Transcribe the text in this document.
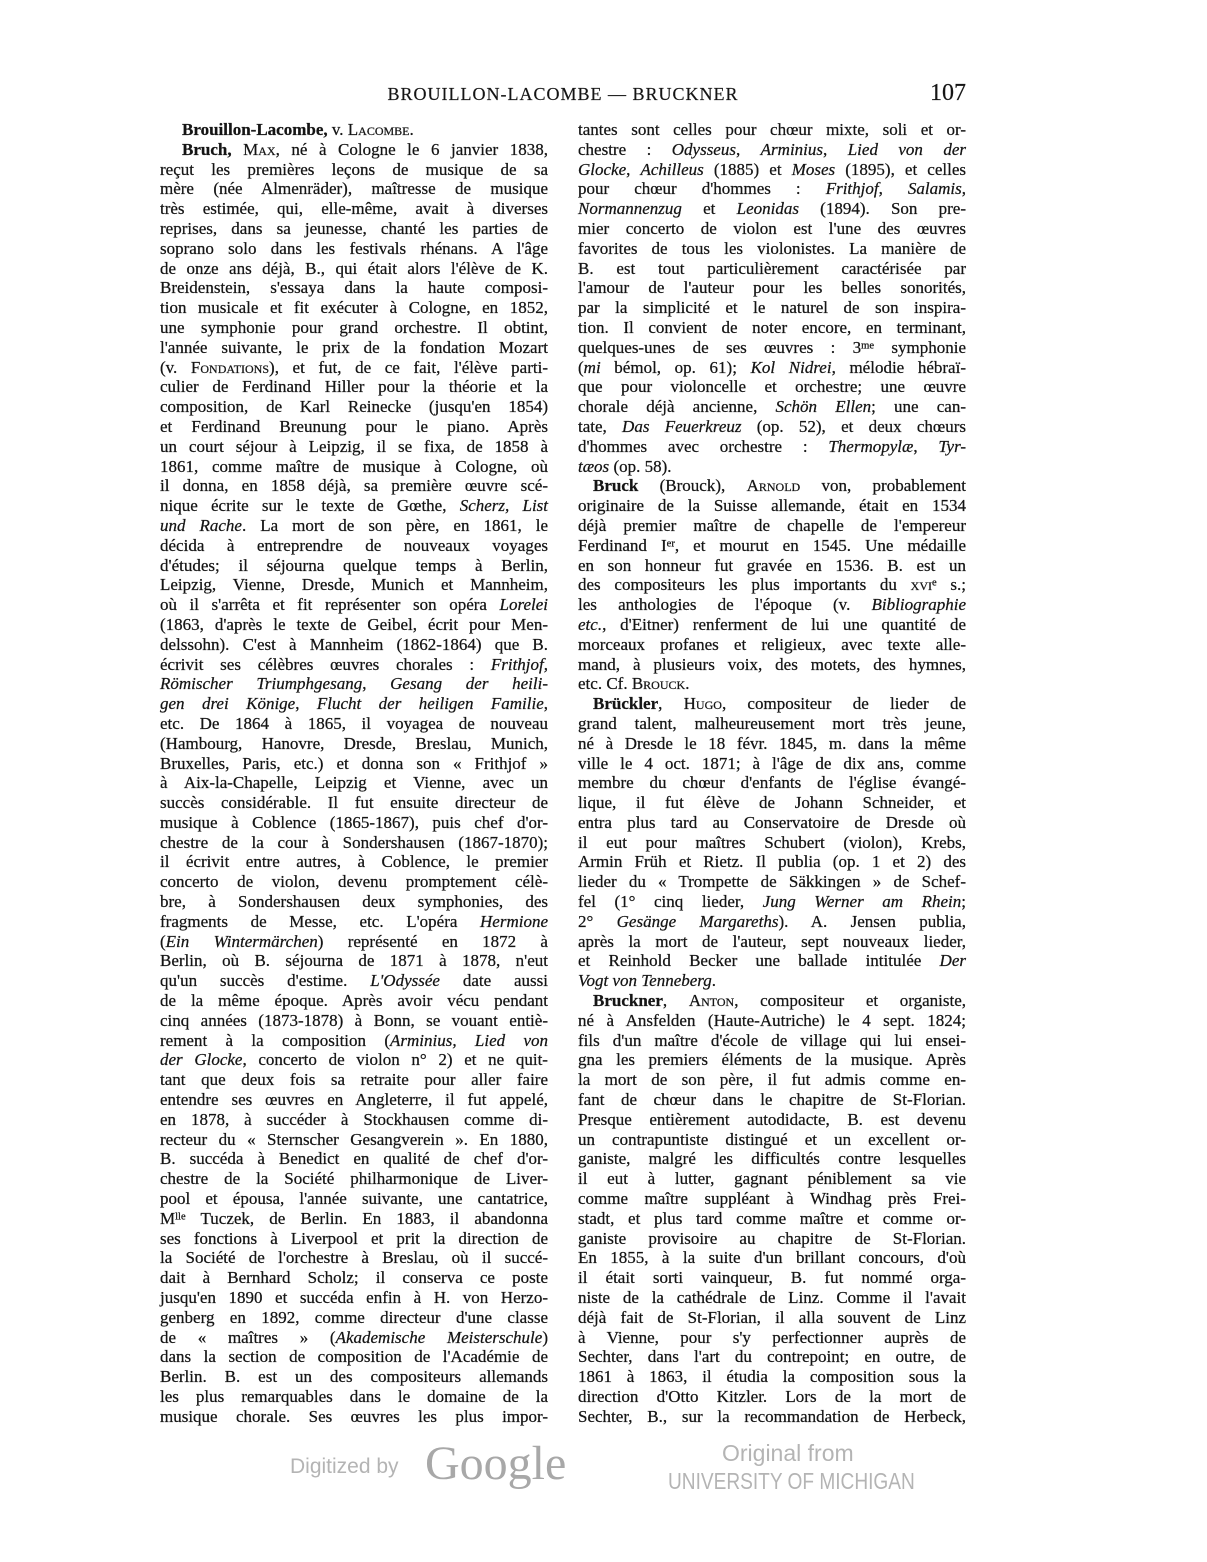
BROUILLON-LACOMBE — BRUCKNER	107
Brouillon-Lacombe, v. Lacombe.
Bruch, Max, né à Cologne le 6 janvier 1838,
reçut les premières leçons de musique de sa
mère (née Almenräder), maîtresse de musique
très estimée, qui, elle-même, avait à diverses
reprises, dans sa jeunesse, chanté les parties de
soprano solo dans les festivals rhénans. A l'âge
de onze ans déjà, B., qui était alors l'élève de K.
Breidenstein, s'essaya dans la haute composi-
tion musicale et fit exécuter à Cologne, en 1852,
une symphonie pour grand orchestre. Il obtint,
l'année suivante, le prix de la fondation Mozart
(v. Fondations), et fut, de ce fait, l'élève parti-
culier de Ferdinand Hiller pour la théorie et la
composition, de Karl Reinecke (jusqu'en 1854)
et Ferdinand Breunung pour le piano. Après
un court séjour à Leipzig, il se fixa, de 1858 à
1861, comme maître de musique à Cologne, où
il donna, en 1858 déjà, sa première œuvre scé-
nique écrite sur le texte de Gœthe, Scherz, List
und Rache. La mort de son père, en 1861, le
décida à entreprendre de nouveaux voyages
d'études; il séjourna quelque temps à Berlin,
Leipzig, Vienne, Dresde, Munich et Mannheim,
où il s'arrêta et fit représenter son opéra Lorelei
(1863, d'après le texte de Geibel, écrit pour Men-
delssohn). C'est à Mannheim (1862-1864) que B.
écrivit ses célèbres œuvres chorales : Frithjof,
Römischer Triumphgesang, Gesang der heili-
gen drei Könige, Flucht der heiligen Familie,
etc. De 1864 à 1865, il voyagea de nouveau
(Hambourg, Hanovre, Dresde, Breslau, Munich,
Bruxelles, Paris, etc.) et donna son « Frithjof »
à Aix-la-Chapelle, Leipzig et Vienne, avec un
succès considérable. Il fut ensuite directeur de
musique à Coblence (1865-1867), puis chef d'or-
chestre de la cour à Sondershausen (1867-1870);
il écrivit entre autres, à Coblence, le premier
concerto de violon, devenu promptement célè-
bre, à Sondershausen deux symphonies, des
fragments de Messe, etc. L'opéra Hermione
(Ein Wintermärchen) représenté en 1872 à
Berlin, où B. séjourna de 1871 à 1878, n'eut
qu'un succès d'estime. L'Odyssée date aussi
de la même époque. Après avoir vécu pendant
cinq années (1873-1878) à Bonn, se vouant entiè-
rement à la composition (Arminius, Lied von
der Glocke, concerto de violon n° 2) et ne quit-
tant que deux fois sa retraite pour aller faire
entendre ses œuvres en Angleterre, il fut appelé,
en 1878, à succéder à Stockhausen comme di-
recteur du « Sternscher Gesangverein ». En 1880,
B. succéda à Benedict en qualité de chef d'or-
chestre de la Société philharmonique de Liver-
pool et épousa, l'année suivante, une cantatrice,
$M^{lle}$ Tuczek, de Berlin. En 1883, il abandonna
ses fonctions à Liverpool et prit la direction de
la Société de l'orchestre à Breslau, où il succé-
dait à Bernhard Scholz; il conserva ce poste
jusqu'en 1890 et succéda enfin à H. von Herzo-
genberg en 1892, comme directeur d'une classe
de « maîtres » (Akademische Meisterschule)
dans la section de composition de l'Académie de
Berlin. B. est un des compositeurs allemands
les plus remarquables dans le domaine de la
musique chorale. Ses œuvres les plus impor-
tantes sont celles pour chœur mixte, soli et or-
chestre : Odysseus, Arminius, Lied von der
Glocke, Achilleus (1885) et Moses (1895), et celles
pour chœur d'hommes : Frithjof, Salamis,
Normannenzug et Leonidas (1894). Son pre-
mier concerto de violon est l'une des œuvres
favorites de tous les violonistes. La manière de
B. est tout particulièrement caractérisée par
l'amour de l'auteur pour les belles sonorités,
par la simplicité et le naturel de son inspira-
tion. Il convient de noter encore, en terminant,
quelques-unes de ses œuvres : $3^{me}$ symphonie
(mi bémol, op. 61); Kol Nidrei, mélodie hébraï-
que pour violoncelle et orchestre; une œuvre
chorale déjà ancienne, Schön Ellen; une can-
tate, Das Feuerkreuz (op. 52), et deux chœurs
d'hommes avec orchestre : Thermopylæ, Tyr-
tæos (op. 58).
Bruck (Brouck), Arnold von, probablement
originaire de la Suisse allemande, était en 1534
déjà premier maître de chapelle de l'empereur
Ferdinand Ier, et mourut en 1545. Une médaille
en son honneur fut gravée en 1536. B. est un
des compositeurs les plus importants du xvi$^e$ s.;
les anthologies de l'époque (v. Bibliographie
etc., d'Eitner) renferment de lui une quantité de
morceaux profanes et religieux, avec texte alle-
mand, à plusieurs voix, des motets, des hymnes,
etc. Cf. Brouck.
Brückler, Hugo, compositeur de lieder de
grand talent, malheureusement mort très jeune,
né à Dresde le 18 févr. 1845, m. dans la même
ville le 4 oct. 1871; à l'âge de dix ans, comme
membre du chœur d'enfants de l'église évangé-
lique, il fut élève de Johann Schneider, et
entra plus tard au Conservatoire de Dresde où
il eut pour maîtres Schubert (violon), Krebs,
Armin Früh et Rietz. Il publia (op. 1 et 2) des
lieder du « Trompette de Säkkingen » de Schef-
fel (1° cinq lieder, Jung Werner am Rhein;
2° Gesänge Margareths). A. Jensen publia,
après la mort de l'auteur, sept nouveaux lieder,
et Reinhold Becker une ballade intitulée Der
Vogt von Tenneberg.
Bruckner, Anton, compositeur et organiste,
né à Ansfelden (Haute-Autriche) le 4 sept. 1824;
fils d'un maître d'école de village qui lui ensei-
gna les premiers éléments de la musique. Après
la mort de son père, il fut admis comme en-
fant de chœur dans le chapitre de St-Florian.
Presque entièrement autodidacte, B. est devenu
un contrapuntiste distingué et un excellent or-
ganiste, malgré les difficultés contre lesquelles
il eut à lutter, gagnant péniblement sa vie
comme maître suppléant à Windhag près Frei-
stadt, et plus tard comme maître et comme or-
ganiste provisoire au chapitre de St-Florian.
En 1855, à la suite d'un brillant concours, d'où
il était sorti vainqueur, B. fut nommé orga-
niste de la cathédrale de Linz. Comme il l'avait
déjà fait de St-Florian, il alla souvent de Linz
à Vienne, pour s'y perfectionner auprès de
Sechter, dans l'art du contrepoint; en outre, de
1861 à 1863, il étudia la composition sous la
direction d'Otto Kitzler. Lors de la mort de
Sechter, B., sur la recommandation de Herbeck,
Digitized by Google	Original from
UNIVERSITY OF MICHIGAN
